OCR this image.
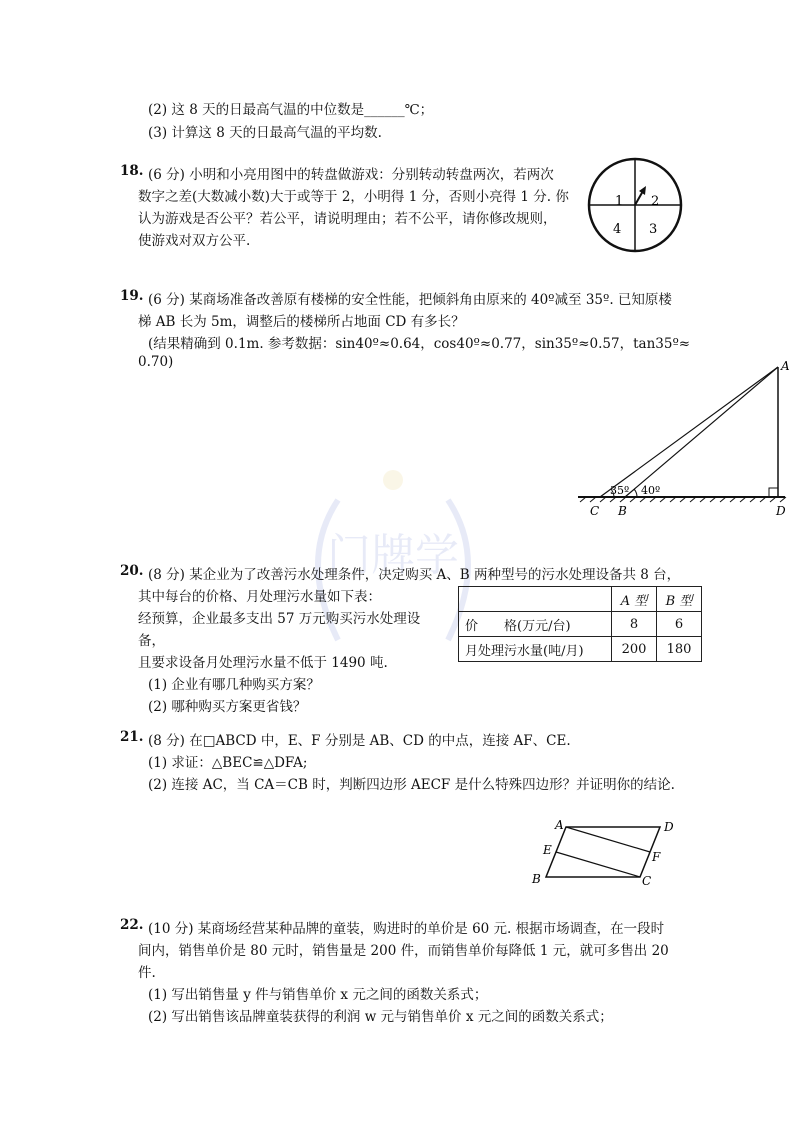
门牌学
(2) 这 8 天的日最高气温的中位数是______℃；
(3) 计算这 8 天的日最高气温的平均数.
18. (6 分) 小明和小亮用图中的转盘做游戏：分别转动转盘两次，若两次
数字之差(大数减小数)大于或等于 2，小明得 1 分，否则小亮得 1 分. 你
认为游戏是否公平？若公平，请说明理由；若不公平，请你修改规则，
使游戏对双方公平.
1 2
3
4
19. (6 分) 某商场准备改善原有楼梯的安全性能，把倾斜角由原来的 40º减至 35º. 已知原楼
梯 AB 长为 5m，调整后的楼梯所占地面 CD 有多长？
(结果精确到 0.1m. 参考数据：sin40º≈0.64，cos40º≈0.77，sin35º≈0.57，tan35º≈
0.70)
35º 40º
A
C B	D
20. (8 分) 某企业为了改善污水处理条件，决定购买 A、B 两种型号的污水处理设备共 8 台，
其中每台的价格、月处理污水量如下表：
经预算，企业最多支出 57 万元购买污水处理设
备，
且要求设备月处理污水量不低于 1490 吨.
(1) 企业有哪几种购买方案？
(2) 哪种购买方案更省钱？
	A 型	B 型
价　　格(万元/台)	8	6
月处理污水量(吨/月)	200	180
21. (8 分) 在□ABCD 中，E、F 分别是 AB、CD 的中点，连接 AF、CE.
(1) 求证：△BEC≌△DFA;
(2) 连接 AC，当 CA＝CB 时，判断四边形 AECF 是什么特殊四边形？并证明你的结论.
A	D
E	F
B	C
22. (10 分) 某商场经营某种品牌的童装，购进时的单价是 60 元. 根据市场调查，在一段时
间内，销售单价是 80 元时，销售量是 200 件，而销售单价每降低 1 元，就可多售出 20
件.
(1) 写出销售量 y 件与销售单价 x 元之间的函数关系式；
(2) 写出销售该品牌童装获得的利润 w 元与销售单价 x 元之间的函数关系式；
